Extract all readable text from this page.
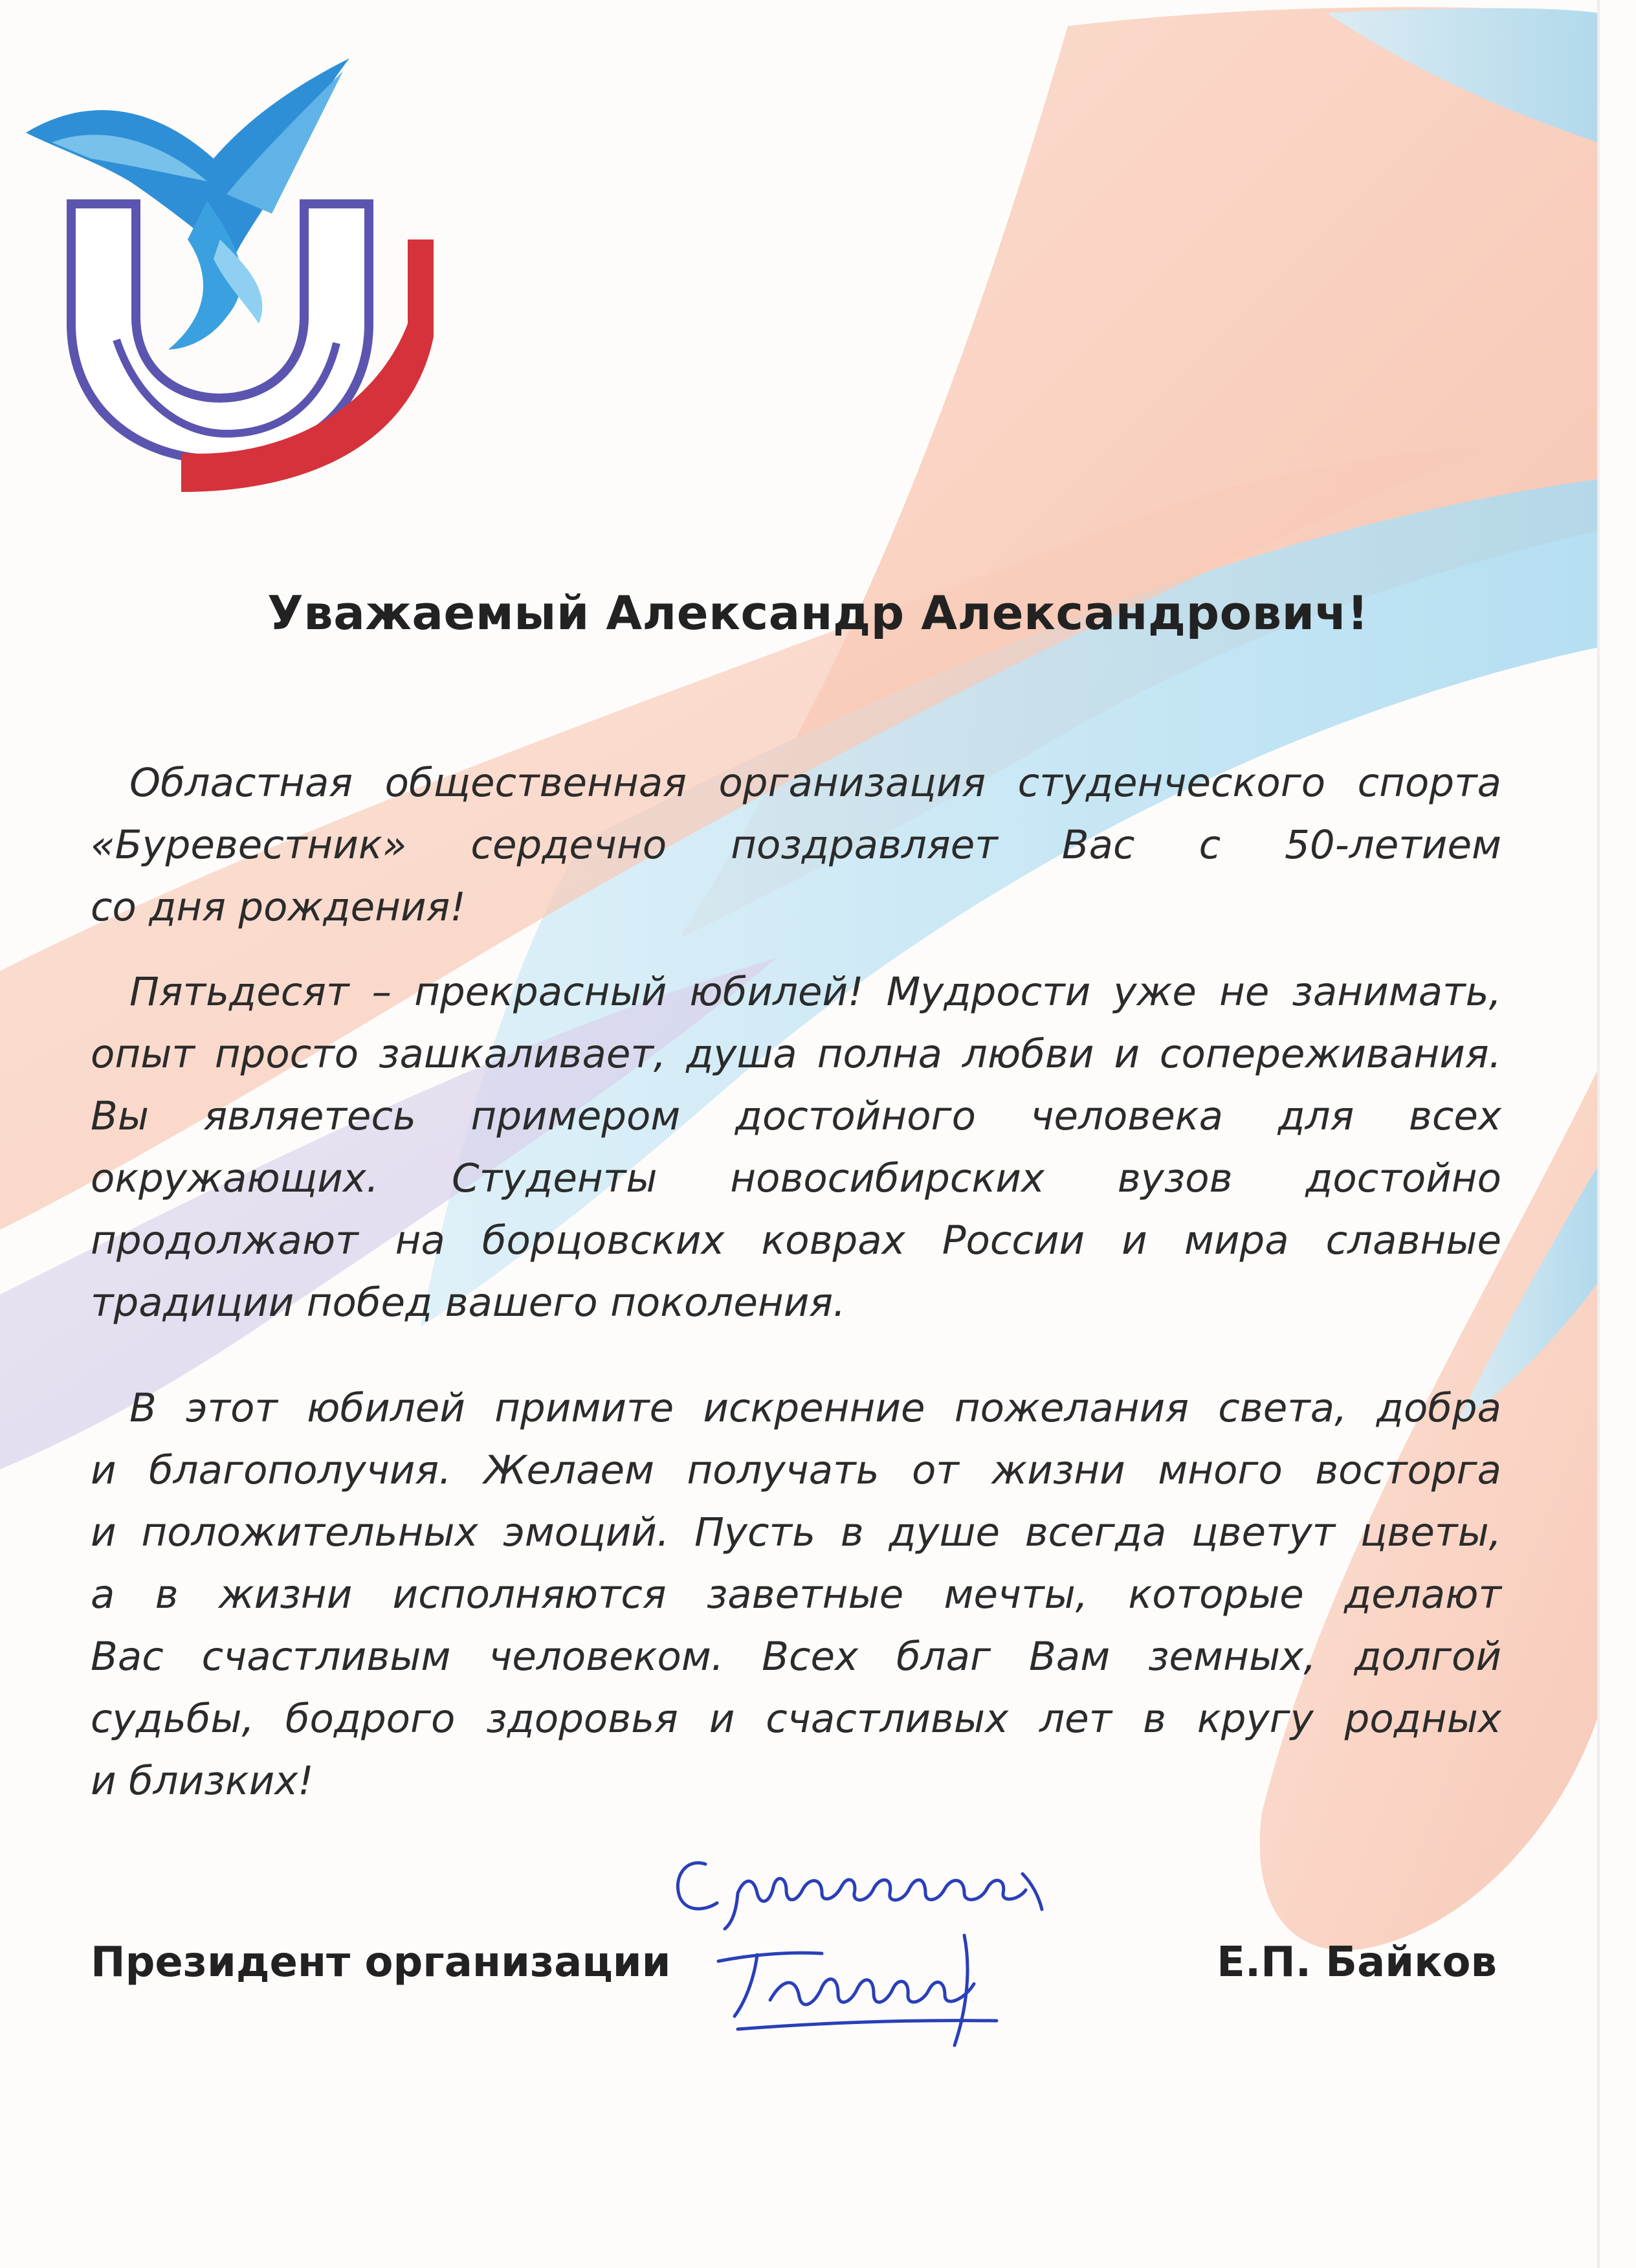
Уважаемый Александр Александрович!
Областная общественная организация студенческого спорта
«Буревестник» сердечно поздравляет Вас с 50-летием
со дня рождения!
Пятьдесят – прекрасный юбилей! Мудрости уже не занимать,
опыт просто зашкаливает, душа полна любви и сопереживания.
Вы являетесь примером достойного человека для всех
окружающих. Студенты новосибирских вузов достойно
продолжают на борцовских коврах России и мира славные
традиции побед вашего поколения.
В этот юбилей примите искренние пожелания света, добра
и благополучия. Желаем получать от жизни много восторга
и положительных эмоций. Пусть в душе всегда цветут цветы,
а в жизни исполняются заветные мечты, которые делают
Вас счастливым человеком. Всех благ Вам земных, долгой
судьбы, бодрого здоровья и счастливых лет в кругу родных
и близких!
Президент организации	Е.П. Байков
